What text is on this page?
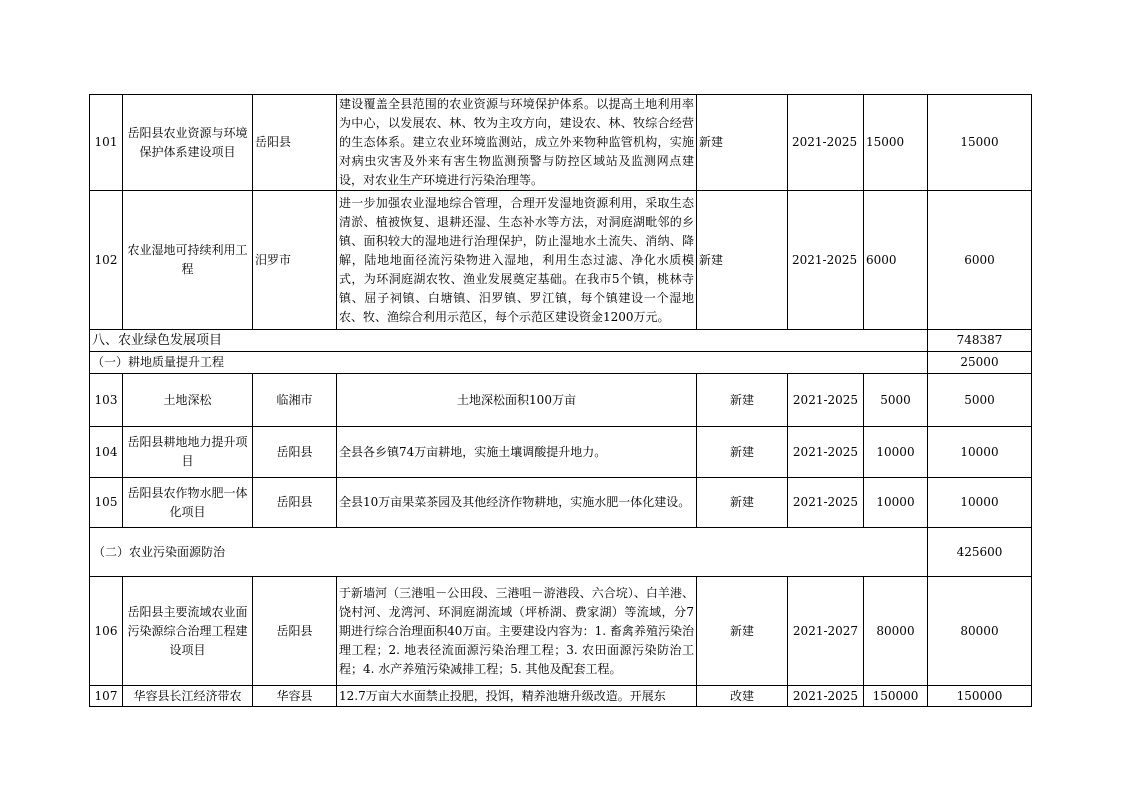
101	岳阳县农业资源与环境保护体系建设项目	岳阳县	建设覆盖全县范围的农业资源与环境保护体系。以提高土地利用率为中心，以发展农、林、牧为主攻方向，建设农、林、牧综合经营的生态体系。建立农业环境监测站，成立外来物种监管机构，实施对病虫灾害及外来有害生物监测预警与防控区域站及监测网点建设，对农业生产环境进行污染治理等。	新建	2021-2025	15000	15000
102	农业湿地可持续利用工程	汨罗市	进一步加强农业湿地综合管理，合理开发湿地资源利用，采取生态清淤、植被恢复、退耕还湿、生态补水等方法，对洞庭湖毗邻的乡镇、面积较大的湿地进行治理保护，防止湿地水土流失、消纳、降解，陆地地面径流污染物进入湿地，利用生态过滤、净化水质模式，为环洞庭湖农牧、渔业发展奠定基础。在我市5个镇，桃林寺镇、屈子祠镇、白塘镇、汨罗镇、罗江镇，每个镇建设一个湿地农、牧、渔综合利用示范区，每个示范区建设资金1200万元。	新建	2021-2025	6000	6000
八、农业绿色发展项目							748387
（一）耕地质量提升工程							25000
103	土地深松	临湘市	土地深松面积100万亩	新建	2021-2025	5000	5000
104	岳阳县耕地地力提升项目	岳阳县	全县各乡镇74万亩耕地，实施土壤调酸提升地力。	新建	2021-2025	10000	10000
105	岳阳县农作物水肥一体化项目	岳阳县	全县10万亩果菜茶园及其他经济作物耕地，实施水肥一体化建设。	新建	2021-2025	10000	10000
（二）农业污染面源防治							425600
106	岳阳县主要流域农业面污染源综合治理工程建设项目	岳阳县	于新墙河（三港咀－公田段、三港咀－游港段、六合垸）、白羊港、饶村河、龙湾河、环洞庭湖流域（坪桥湖、费家湖）等流域，分7期进行综合治理面积40万亩。主要建设内容为：1. 畜禽养殖污染治理工程；2. 地表径流面源污染治理工程；3. 农田面源污染防治工程；4. 水产养殖污染减排工程；5. 其他及配套工程。	新建	2021-2027	80000	80000
107	华容县长江经济带农	华容县	12.7万亩大水面禁止投肥，投饵，精养池塘升级改造。开展东	改建	2021-2025	150000	150000
